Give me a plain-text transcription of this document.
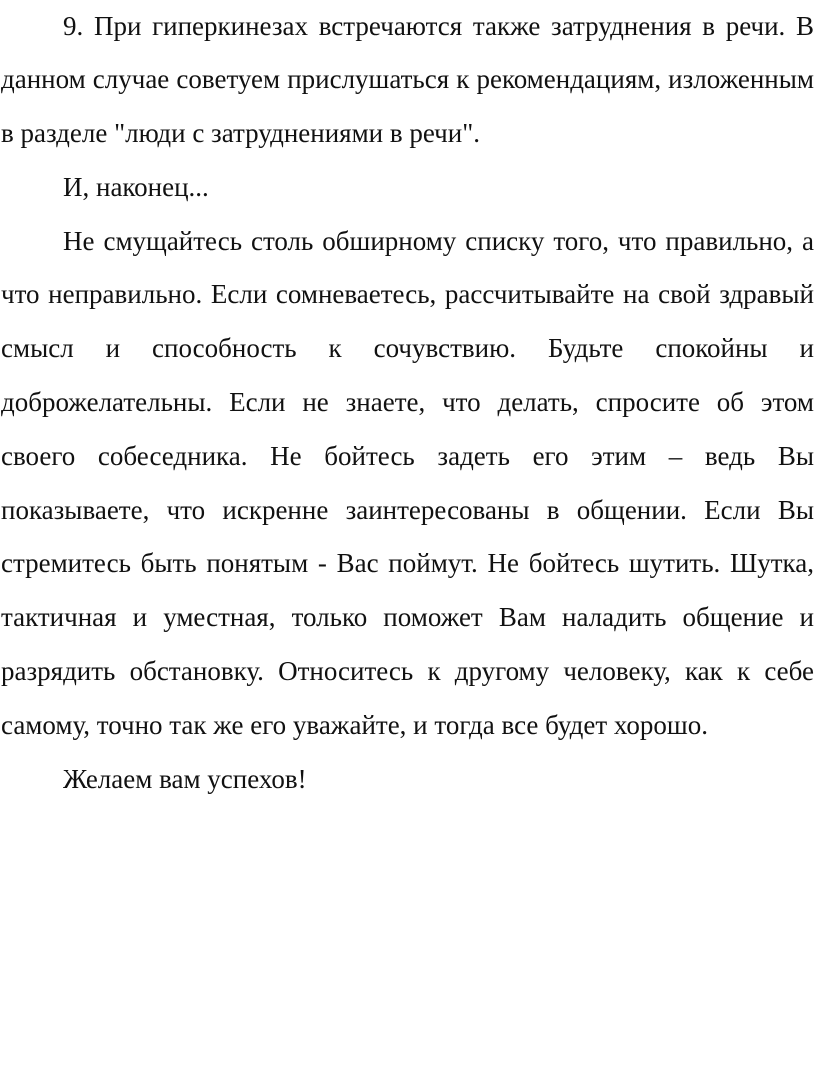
9. При гиперкинезах встречаются также затруднения в речи. В данном случае советуем прислушаться к рекомендациям, изложенным в разделе "люди с затруднениями в речи".

И, наконец...

Не смущайтесь столь обширному списку того, что правильно, а что неправильно. Если сомневаетесь, рассчитывайте на свой здравый смысл и способность к сочувствию. Будьте спокойны и доброжелательны. Если не знаете, что делать, спросите об этом своего собеседника. Не бойтесь задеть его этим – ведь Вы показываете, что искренне заинтересованы в общении. Если Вы стремитесь быть понятым - Вас поймут. Не бойтесь шутить. Шутка, тактичная и уместная, только поможет Вам наладить общение и разрядить обстановку. Относитесь к другому человеку, как к себе самому, точно так же его уважайте, и тогда все будет хорошо.

Желаем вам успехов!
